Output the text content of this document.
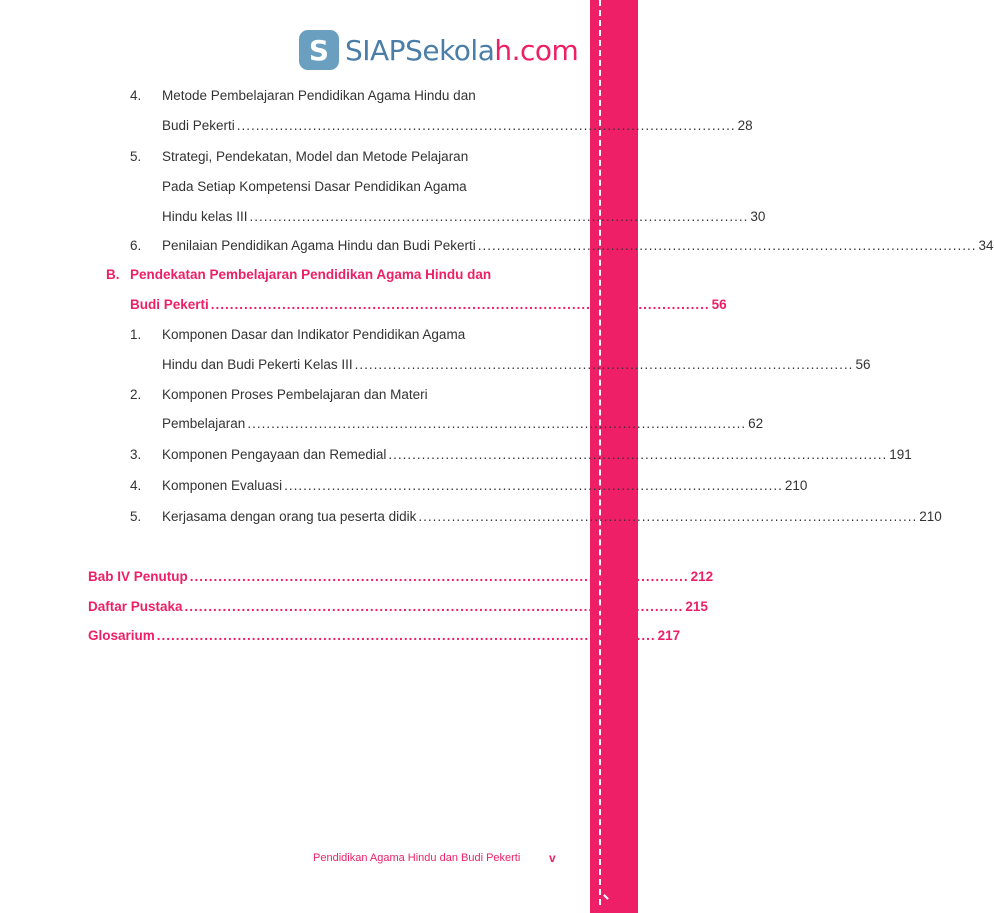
S SIAPSekolah.com
4. Metode Pembelajaran Pendidikan Agama Hindu dan
Budi Pekerti ......................................................................................................... 28
5. Strategi, Pendekatan, Model dan Metode Pelajaran
Pada Setiap Kompetensi Dasar Pendidikan Agama
Hindu kelas III ......................................................................................................... 30
6. Penilaian Pendidikan Agama Hindu dan Budi Pekerti ......................................................................................................... 34
B. Pendekatan Pembelajaran Pendidikan Agama Hindu dan
Budi Pekerti ......................................................................................................... 56
1. Komponen Dasar dan Indikator Pendidikan Agama
Hindu dan Budi Pekerti Kelas III ......................................................................................................... 56
2. Komponen Proses Pembelajaran dan Materi
Pembelajaran ......................................................................................................... 62
3. Komponen Pengayaan dan Remedial ......................................................................................................... 191
4. Komponen Evaluasi ......................................................................................................... 210
5. Kerjasama dengan orang tua peserta didik ......................................................................................................... 210
Bab IV Penutup ......................................................................................................... 212
Daftar Pustaka ......................................................................................................... 215
Glosarium ......................................................................................................... 217
Pendidikan Agama Hindu dan Budi Pekerti v
